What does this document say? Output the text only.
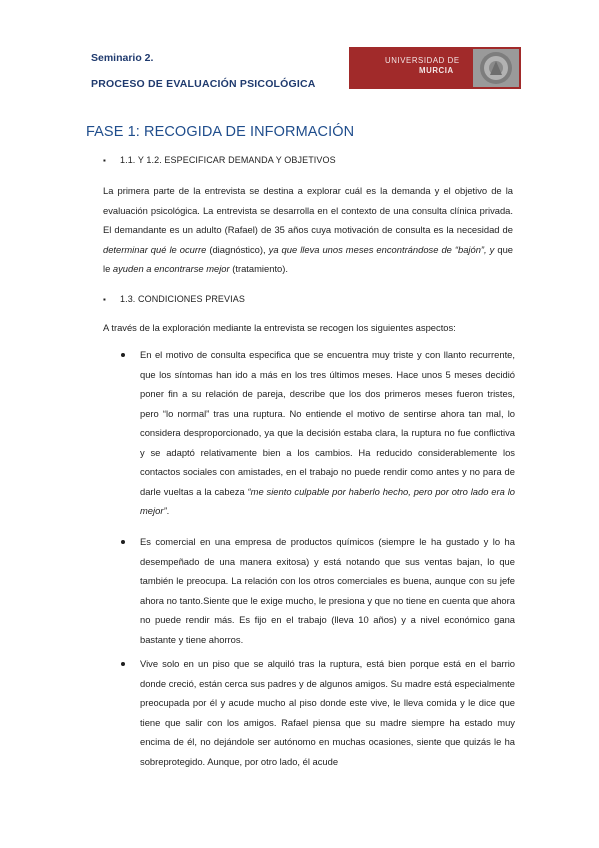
Seminario 2.
PROCESO DE EVALUACIÓN PSICOLÓGICA
UNIVERSIDAD DE
MURCIA
FASE 1: RECOGIDA DE INFORMACIÓN
▪ 1.1. Y 1.2. ESPECIFICAR DEMANDA Y OBJETIVOS
La primera parte de la entrevista se destina a explorar cuál es la demanda y el objetivo de la evaluación psicológica. La entrevista se desarrolla en el contexto de una consulta clínica privada. El demandante es un adulto (Rafael) de 35 años cuya motivación de consulta es la necesidad de determinar qué le ocurre (diagnóstico), ya que lleva unos meses encontrándose de “bajón”, y que le ayuden a encontrarse mejor (tratamiento).
▪ 1.3. CONDICIONES PREVIAS
A través de la exploración mediante la entrevista se recogen los siguientes aspectos:
En el motivo de consulta especifica que se encuentra muy triste y con llanto recurrente, que los síntomas han ido a más en los tres últimos meses. Hace unos 5 meses decidió poner fin a su relación de pareja, describe que los dos primeros meses fueron tristes, pero “lo normal” tras una ruptura. No entiende el motivo de sentirse ahora tan mal, lo considera desproporcionado, ya que la decisión estaba clara, la ruptura no fue conflictiva y se adaptó relativamente bien a los cambios. Ha reducido considerablemente los contactos sociales con amistades, en el trabajo no puede rendir como antes y no para de darle vueltas a la cabeza “me siento culpable por haberlo hecho, pero por otro lado era lo mejor”.
Es comercial en una empresa de productos químicos (siempre le ha gustado y lo ha desempeñado de una manera exitosa) y está notando que sus ventas bajan, lo que también le preocupa. La relación con los otros comerciales es buena, aunque con su jefe ahora no tanto.Siente que le exige mucho, le presiona y que no tiene en cuenta que ahora no puede rendir más. Es fijo en el trabajo (lleva 10 años) y a nivel económico gana bastante y tiene ahorros.
Vive solo en un piso que se alquiló tras la ruptura, está bien porque está en el barrio donde creció, están cerca sus padres y de algunos amigos. Su madre está especialmente preocupada por él y acude mucho al piso donde este vive, le lleva comida y le dice que tiene que salir con los amigos. Rafael piensa que su madre siempre ha estado muy encima de él, no dejándole ser autónomo en muchas ocasiones, siente que quizás le ha sobreprotegido. Aunque, por otro lado, él acude
